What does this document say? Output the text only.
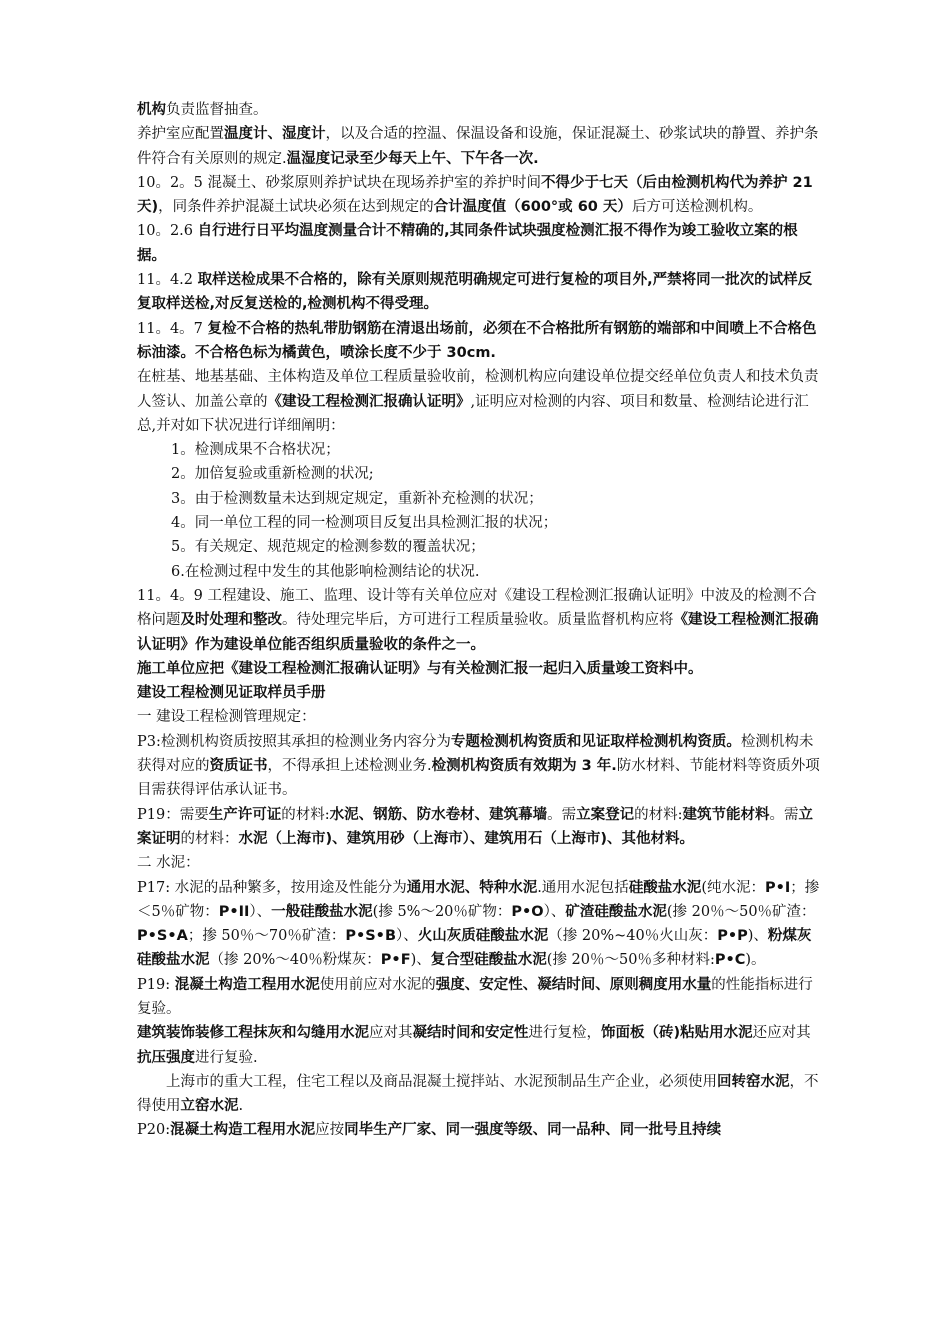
机构负责监督抽查。

养护室应配置温度计、湿度计，以及合适的控温、保温设备和设施，保证混凝土、砂浆试块的静置、养护条件符合有关原则的规定.温湿度记录至少每天上午、下午各一次.

10。2。5 混凝土、砂浆原则养护试块在现场养护室的养护时间不得少于七天（后由检测机构代为养护 21 天)，同条件养护混凝土试块必须在达到规定的合计温度值（600°或 60 天）后方可送检测机构。

10。2.6 自行进行日平均温度测量合计不精确的,其同条件试块强度检测汇报不得作为竣工验收立案的根据。

11。4.2 取样送检成果不合格的，除有关原则规范明确规定可进行复检的项目外,严禁将同一批次的试样反复取样送检,对反复送检的,检测机构不得受理。

11。4。7 复检不合格的热轧带肋钢筋在清退出场前，必须在不合格批所有钢筋的端部和中间喷上不合格色标油漆。不合格色标为橘黄色，喷涂长度不少于 30cm.

在桩基、地基基础、主体构造及单位工程质量验收前，检测机构应向建设单位提交经单位负责人和技术负责人签认、加盖公章的《建设工程检测汇报确认证明》,证明应对检测的内容、项目和数量、检测结论进行汇总,并对如下状况进行详细阐明：

1。检测成果不合格状况；

2。加倍复验或重新检测的状况;

3。由于检测数量未达到规定规定，重新补充检测的状况；

4。同一单位工程的同一检测项目反复出具检测汇报的状况；

5。有关规定、规范规定的检测参数的覆盖状况；

6.在检测过程中发生的其他影响检测结论的状况.

11。4。9 工程建设、施工、监理、设计等有关单位应对《建设工程检测汇报确认证明》中波及的检测不合格问题及时处理和整改。待处理完毕后，方可进行工程质量验收。质量监督机构应将《建设工程检测汇报确认证明》作为建设单位能否组织质量验收的条件之一。

施工单位应把《建设工程检测汇报确认证明》与有关检测汇报一起归入质量竣工资料中。

建设工程检测见证取样员手册

一 建设工程检测管理规定：

P3:检测机构资质按照其承担的检测业务内容分为专题检测机构资质和见证取样检测机构资质。检测机构未获得对应的资质证书，不得承担上述检测业务.检测机构资质有效期为 3 年.防水材料、节能材料等资质外项目需获得评估承认证书。

P19：需要生产许可证的材料:水泥、钢筋、防水卷材、建筑幕墙。需立案登记的材料:建筑节能材料。需立案证明的材料：水泥（上海市)、建筑用砂（上海市）、建筑用石（上海市)、其他材料。

二 水泥：

P17: 水泥的品种繁多，按用途及性能分为通用水泥、特种水泥.通用水泥包括硅酸盐水泥(纯水泥：P•I；掺＜5％矿物：P•II）、一般硅酸盐水泥(掺 5%～20％矿物：P•O）、矿渣硅酸盐水泥(掺 20％～50％矿渣：P•S•A；掺 50％～70％矿渣：P•S•B）、火山灰质硅酸盐水泥（掺 20%~40％火山灰：P•P)、粉煤灰硅酸盐水泥（掺 20%～40％粉煤灰：P•F)、复合型硅酸盐水泥(掺 20％～50％多种材料:P•C)。

P19: 混凝土构造工程用水泥使用前应对水泥的强度、安定性、凝结时间、原则稠度用水量的性能指标进行复验。

建筑装饰装修工程抹灰和勾缝用水泥应对其凝结时间和安定性进行复检，饰面板（砖)粘贴用水泥还应对其抗压强度进行复验.

上海市的重大工程，住宅工程以及商品混凝土搅拌站、水泥预制品生产企业，必须使用回转窑水泥，不得使用立窑水泥.

P20:混凝土构造工程用水泥应按同毕生产厂家、同一强度等级、同一品种、同一批号且持续
